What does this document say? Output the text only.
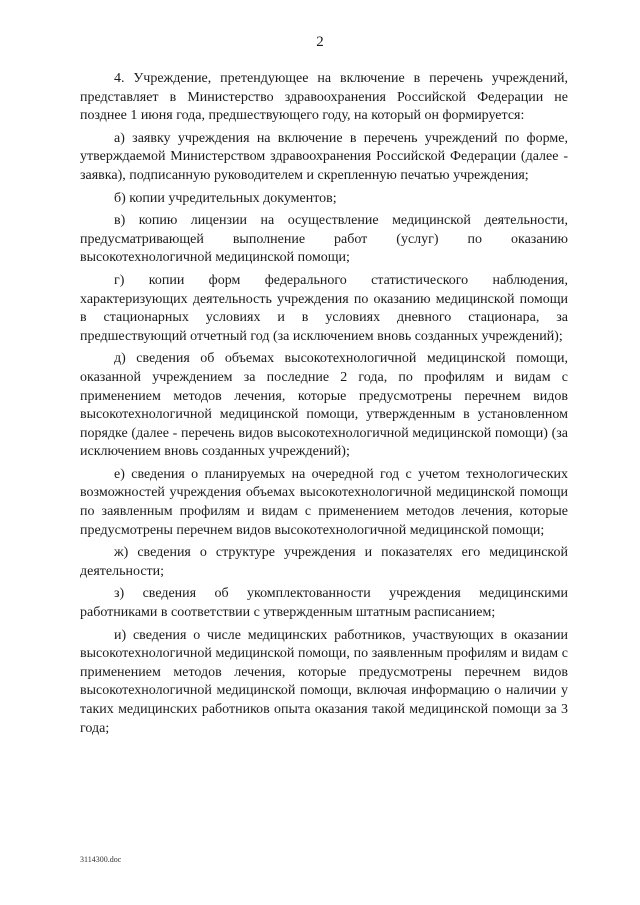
2

4. Учреждение, претендующее на включение в перечень учреждений, представляет в Министерство здравоохранения Российской Федерации не позднее 1 июня года, предшествующего году, на который он формируется:

а) заявку учреждения на включение в перечень учреждений по форме, утверждаемой Министерством здравоохранения Российской Федерации (далее - заявка), подписанную руководителем и скрепленную печатью учреждения;

б) копии учредительных документов;

в) копию лицензии на осуществление медицинской деятельности, предусматривающей выполнение работ (услуг) по оказанию высокотехнологичной медицинской помощи;

г) копии форм федерального статистического наблюдения, характеризующих деятельность учреждения по оказанию медицинской помощи в стационарных условиях и в условиях дневного стационара, за предшествующий отчетный год (за исключением вновь созданных учреждений);

д) сведения об объемах высокотехнологичной медицинской помощи, оказанной учреждением за последние 2 года, по профилям и видам с применением методов лечения, которые предусмотрены перечнем видов высокотехнологичной медицинской помощи, утвержденным в установленном порядке (далее - перечень видов высокотехнологичной медицинской помощи) (за исключением вновь созданных учреждений);

е) сведения о планируемых на очередной год с учетом технологических возможностей учреждения объемах высокотехнологичной медицинской помощи по заявленным профилям и видам с применением методов лечения, которые предусмотрены перечнем видов высокотехнологичной медицинской помощи;

ж) сведения о структуре учреждения и показателях его медицинской деятельности;

з) сведения об укомплектованности учреждения медицинскими работниками в соответствии с утвержденным штатным расписанием;

и) сведения о числе медицинских работников, участвующих в оказании высокотехнологичной медицинской помощи, по заявленным профилям и видам с применением методов лечения, которые предусмотрены перечнем видов высокотехнологичной медицинской помощи, включая информацию о наличии у таких медицинских работников опыта оказания такой медицинской помощи за 3 года;

3114300.doc
